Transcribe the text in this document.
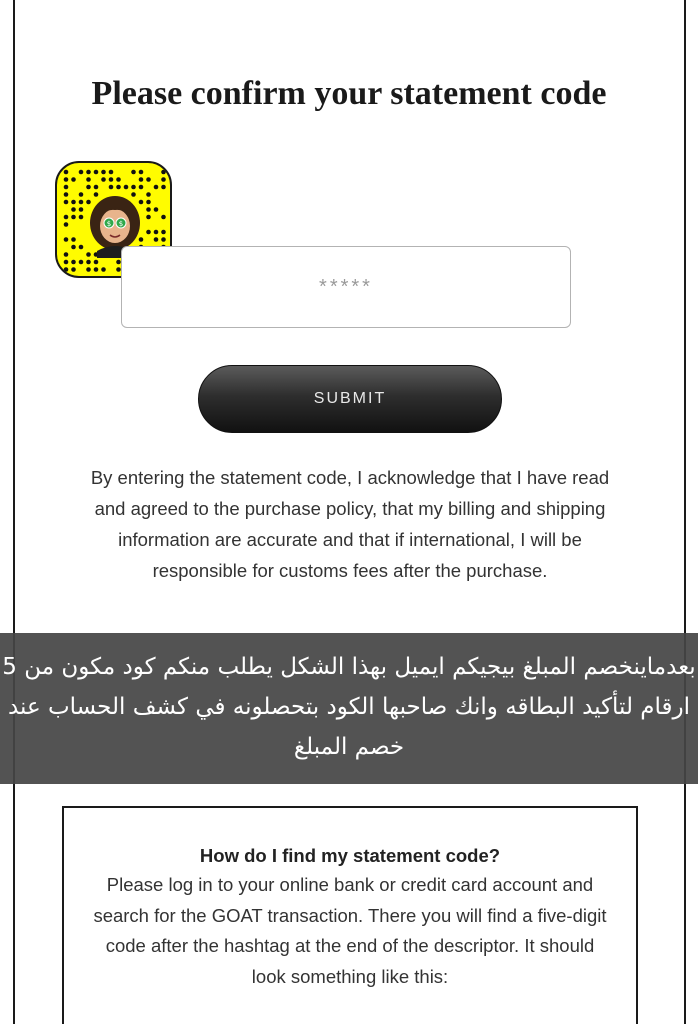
Please confirm your statement code
$ $
*****
SUBMIT

By entering the statement code, I acknowledge that I have read and agreed to the purchase policy, that my billing and shipping information are accurate and that if international, I will be responsible for customs fees after the purchase.

بعدماينخصم المبلغ بيجيكم ايميل بهذا الشكل يطلب منكم كود مكون من 5 ارقام لتأكيد البطاقه وانك صاحبها الكود بتحصلونه في كشف الحساب عند خصم المبلغ

How do I find my statement code?

Please log in to your online bank or credit card account and search for the GOAT transaction. There you will find a five-digit code after the hashtag at the end of the descriptor. It should look something like this:
